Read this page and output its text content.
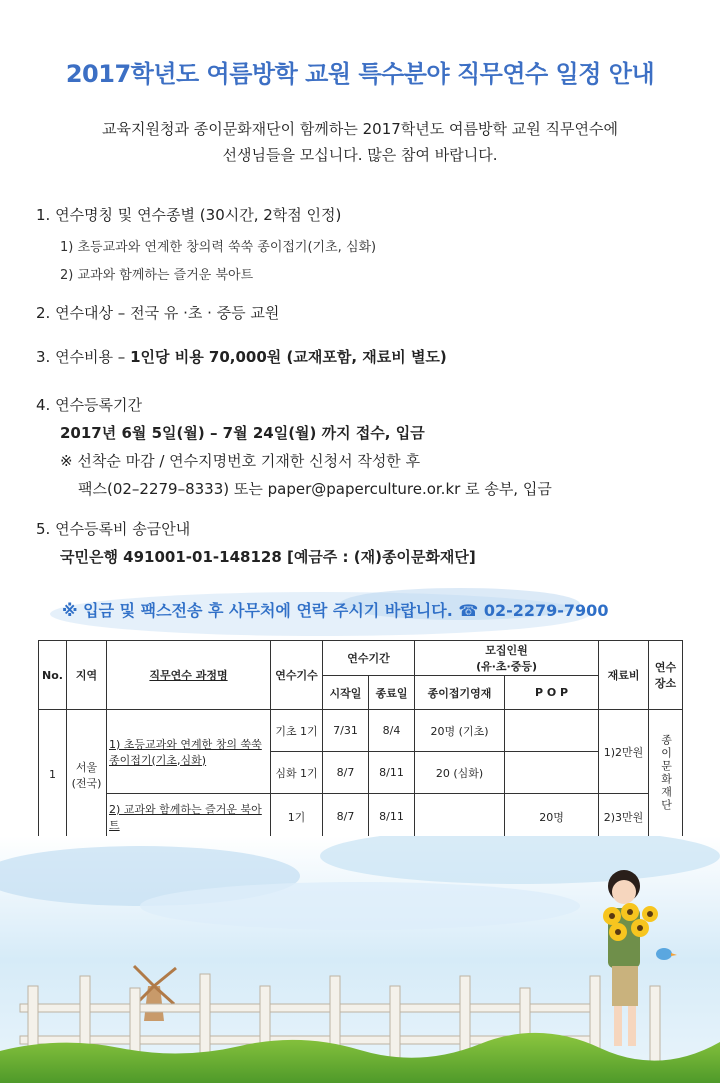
2017학년도 여름방학 교원 특수분야 직무연수 일정 안내
교육지원청과 종이문화재단이 함께하는 2017학년도 여름방학 교원 직무연수에
선생님들을 모십니다. 많은 참여 바랍니다.
1. 연수명칭 및 연수종별 (30시간, 2학점 인정)
1) 초등교과와 연계한 창의력 쑥쑥 종이접기(기초, 심화)
2) 교과와 함께하는 즐거운 북아트
2. 연수대상 – 전국 유 ·초 · 중등 교원
3. 연수비용 – 1인당 비용 70,000원 (교재포함, 재료비 별도)
4. 연수등록기간
2017년 6월 5일(월) – 7월 24일(월) 까지 접수, 입금
※ 선착순 마감 / 연수지명번호 기재한 신청서 작성한 후
팩스(02–2279–8333) 또는 paper@paperculture.or.kr 로 송부, 입금
5. 연수등록비 송금안내
국민은행 491001-01-148128 [예금주 : (재)종이문화재단]
※ 입금 및 팩스전송 후 사무처에 연락 주시기 바랍니다. ☎ 02-2279-7900
No.	지역	직무연수 과정명	연수기수	연수기간		모집인원
(유·초·중등)		재료비	연수장소
				시작일	종료일	종이접기영재	P O P		
1	서울 (전국)	1) 초등교과와 연계한 창의 쑥쑥 종이접기(기초,심화)	기초 1기	7/31	8/4	20명 (기초)		1)2만원	종이문화재단
			심화 1기	8/7	8/11	20 (심화)			
		2) 교과와 함께하는 즐거운 북아트	1기	8/7	8/11		20명	2)3만원	
